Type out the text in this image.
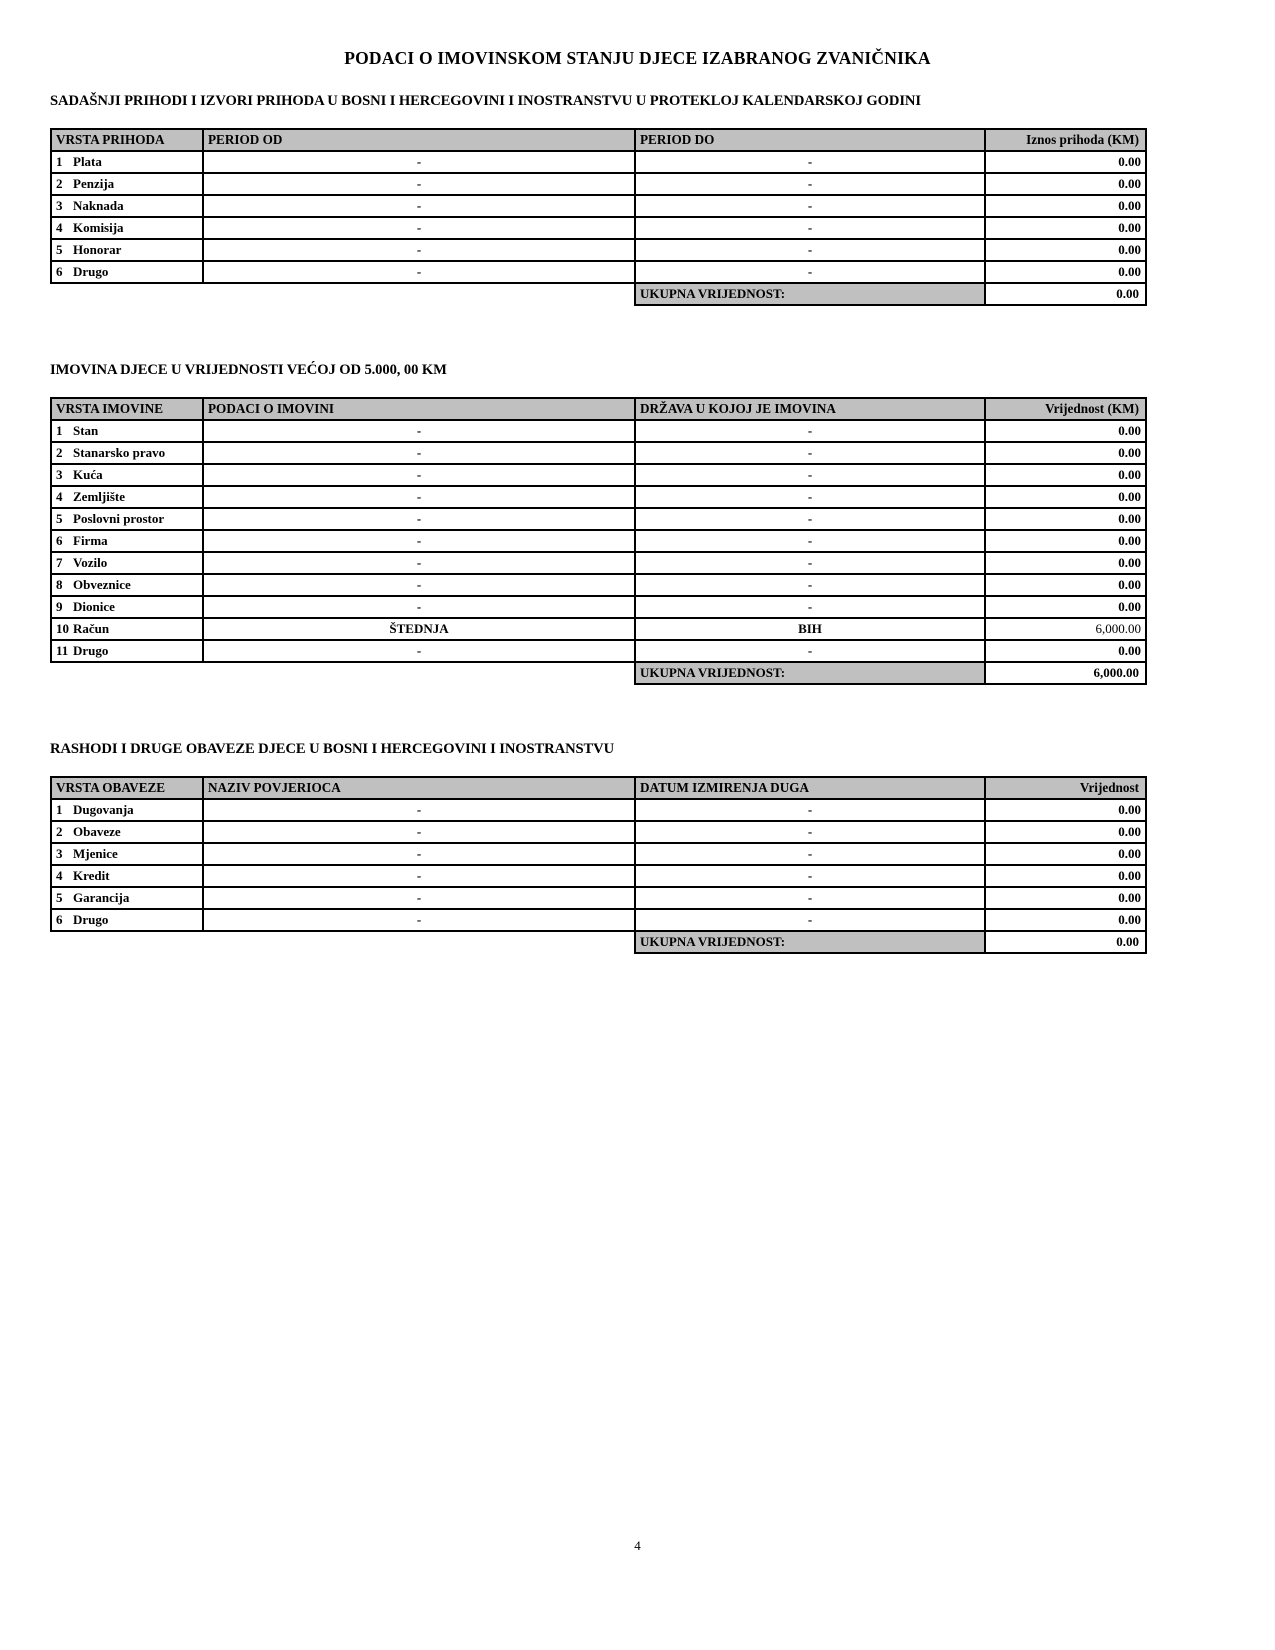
PODACI O IMOVINSKOM STANJU DJECE IZABRANOG ZVANIČNIKA
SADAŠNJI PRIHODI I IZVORI PRIHODA U BOSNI I HERCEGOVINI I INOSTRANSTVU U PROTEKLOJ KALENDARSKOJ GODINI
VRSTA PRIHODA	PERIOD OD	PERIOD DO	Iznos prihoda (KM)
1 Plata	-	-	0.00
2 Penzija	-	-	0.00
3 Naknada	-	-	0.00
4 Komisija	-	-	0.00
5 Honorar	-	-	0.00
6 Drugo	-	-	0.00
		UKUPNA VRIJEDNOST:	0.00
IMOVINA DJECE U VRIJEDNOSTI VEĆOJ OD 5.000, 00 KM
VRSTA IMOVINE	PODACI O IMOVINI	DRŽAVA U KOJOJ JE IMOVINA	Vrijednost (KM)
1 Stan	-	-	0.00
2 Stanarsko pravo	-	-	0.00
3 Kuća	-	-	0.00
4 Zemljište	-	-	0.00
5 Poslovni prostor	-	-	0.00
6 Firma	-	-	0.00
7 Vozilo	-	-	0.00
8 Obveznice	-	-	0.00
9 Dionice	-	-	0.00
10 Račun	ŠTEDNJA	BIH	6,000.00
11 Drugo	-	-	0.00
		UKUPNA VRIJEDNOST:	6,000.00
RASHODI I DRUGE OBAVEZE DJECE U BOSNI I HERCEGOVINI I INOSTRANSTVU
VRSTA OBAVEZE	NAZIV POVJERIOCA	DATUM IZMIRENJA DUGA	Vrijednost
1 Dugovanja	-	-	0.00
2 Obaveze	-	-	0.00
3 Mjenice	-	-	0.00
4 Kredit	-	-	0.00
5 Garancija	-	-	0.00
6 Drugo	-	-	0.00
		UKUPNA VRIJEDNOST:	0.00
4
